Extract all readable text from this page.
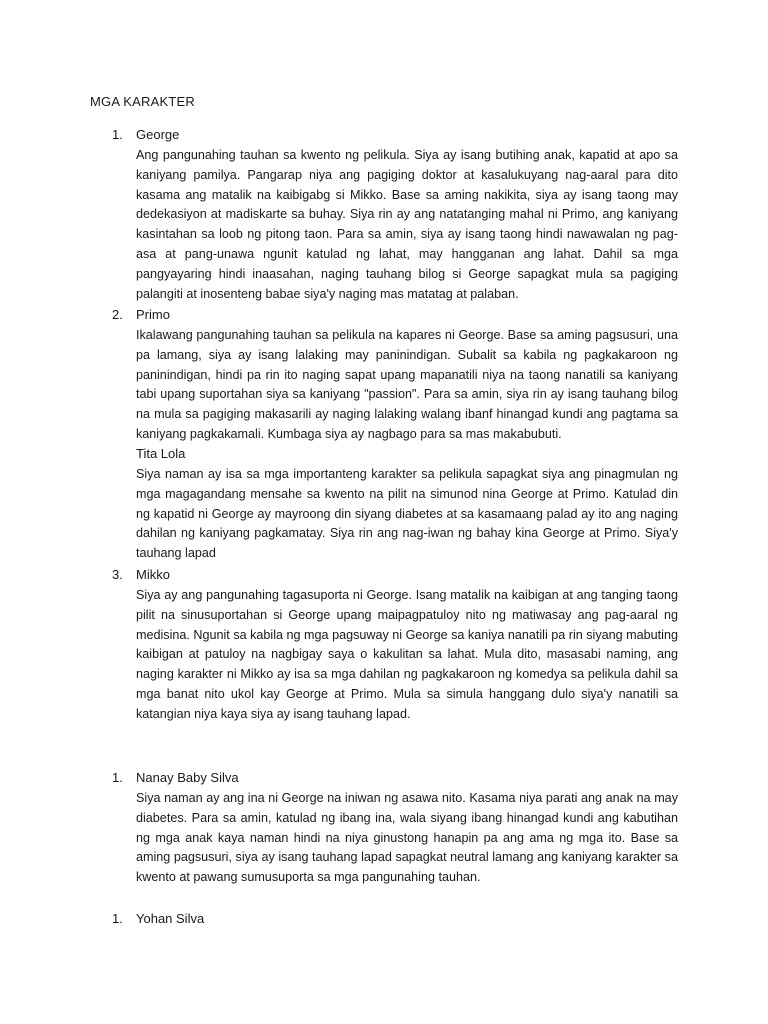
MGA KARAKTER
1. George

Ang pangunahing tauhan sa kwento ng pelikula. Siya ay isang butihing anak, kapatid at apo sa kaniyang pamilya. Pangarap niya ang pagiging doktor at kasalukuyang nag-aaral para dito kasama ang matalik na kaibigabg si Mikko. Base sa aming nakikita, siya ay isang taong may dedekasiyon at madiskarte sa buhay. Siya rin ay ang natatanging mahal ni Primo, ang kaniyang kasintahan sa loob ng pitong taon. Para sa amin, siya ay isang taong hindi nawawalan ng pag-asa at pang-unawa ngunit katulad ng lahat, may hangganan ang lahat. Dahil sa mga pangyayaring hindi inaasahan, naging tauhang bilog si George sapagkat mula sa pagiging palangiti at inosenteng babae siya'y naging mas matatag at palaban.

2. Primo

Ikalawang pangunahing tauhan sa pelikula na kapares ni George. Base sa aming pagsusuri, una pa lamang, siya ay isang lalaking may paninindigan. Subalit sa kabila ng pagkakaroon ng paninindigan, hindi pa rin ito naging sapat upang mapanatili niya na taong nanatili sa kaniyang tabi upang suportahan siya sa kaniyang "passion". Para sa amin, siya rin ay isang tauhang bilog na mula sa pagiging makasarili ay naging lalaking walang ibanf hinangad kundi ang pagtama sa kaniyang pagkakamali. Kumbaga siya ay nagbago para sa mas makabubuti.

Tita Lola

Siya naman ay isa sa mga importanteng karakter sa pelikula sapagkat siya ang pinagmulan ng mga magagandang mensahe sa kwento na pilit na simunod nina George at Primo. Katulad din ng kapatid ni George ay mayroong din siyang diabetes at sa kasamaang palad ay ito ang naging dahilan ng kaniyang pagkamatay. Siya rin ang nag-iwan ng bahay kina George at Primo. Siya'y tauhang lapad

3. Mikko

Siya ay ang pangunahing tagasuporta ni George. Isang matalik na kaibigan at ang tanging taong pilit na sinusuportahan si George upang maipagpatuloy nito ng matiwasay ang pag-aaral ng medisina. Ngunit sa kabila ng mga pagsuway ni George sa kaniya nanatili pa rin siyang mabuting kaibigan at patuloy na nagbigay saya o kakulitan sa lahat. Mula dito, masasabi naming, ang naging karakter ni Mikko ay isa sa mga dahilan ng pagkakaroon ng komedya sa pelikula dahil sa mga banat nito ukol kay George at Primo. Mula sa simula hanggang dulo siya'y nanatili sa katangian niya kaya siya ay isang tauhang lapad.

1. Nanay Baby Silva

Siya naman ay ang ina ni George na iniwan ng asawa nito. Kasama niya parati ang anak na may diabetes. Para sa amin, katulad ng ibang ina, wala siyang ibang hinangad kundi ang kabutihan ng mga anak kaya naman hindi na niya ginustong hanapin pa ang ama ng mga ito. Base sa aming pagsusuri, siya ay isang tauhang lapad sapagkat neutral lamang ang kaniyang karakter sa kwento at pawang sumusuporta sa mga pangunahing tauhan.

1. Yohan Silva
